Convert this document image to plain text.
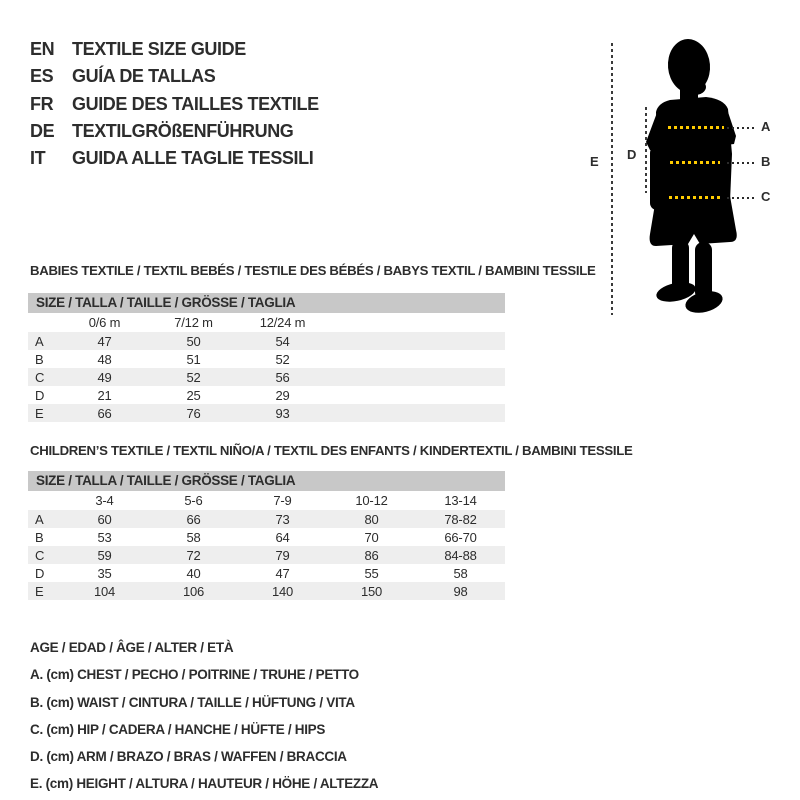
EN TEXTILE SIZE GUIDE
ES	GUÍA DE TALLAS
FR	GUIDE DES TAILLES TEXTILE
DE TEXTILGRÖßENFÜHRUNG
IT	GUIDA ALLE TAGLIE TESSILI	E D
A
B
C
BABIES TEXTILE / TEXTIL BEBÉS / TESTILE DES BÉBÉS / BABYS TEXTIL / BAMBINI TESSILE
SIZE / TALLA / TAILLE / GRÖSSE / TAGLIA
	0/6 m	7/12 m	12/24 m	
A	47	50	54	
B	48	51	52	
C	49	52	56	
D	21	25	29	
E	66	76	93	
CHILDREN’S TEXTILE / TEXTIL NIÑO/A / TEXTIL DES ENFANTS / KINDERTEXTIL / BAMBINI TESSILE
SIZE / TALLA / TAILLE / GRÖSSE / TAGLIA
	3-4	5-6	7-9	10-12	13-14	
A	60	66	73	80	78-82	
B	53	58	64	70	66-70	
C	59	72	79	86	84-88	
D	35	40	47	55	58	
E	104	106	140	150	98	
AGE / EDAD / ÂGE / ALTER / ETÀ
A. (cm) CHEST / PECHO / POITRINE / TRUHE / PETTO
B. (cm) WAIST / CINTURA / TAILLE / HÜFTUNG / VITA
C. (cm) HIP / CADERA / HANCHE / HÜFTE / HIPS
D. (cm) ARM / BRAZO / BRAS / WAFFEN / BRACCIA
E. (cm) HEIGHT / ALTURA / HAUTEUR / HÖHE / ALTEZZA
